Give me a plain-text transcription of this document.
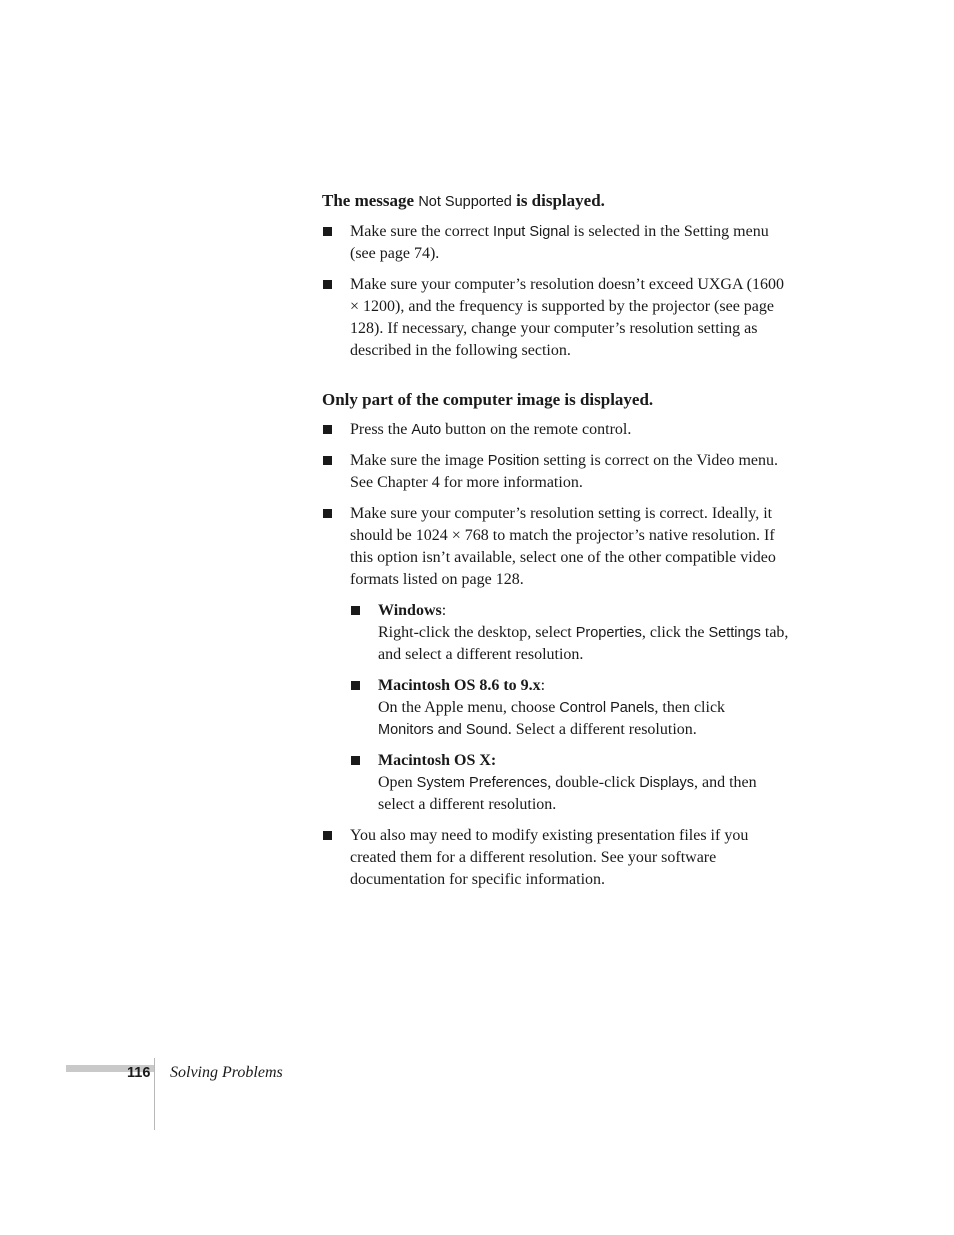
The message Not Supported is displayed.

Make sure the correct Input Signal is selected in the Setting menu (see page 74).
Make sure your computer’s resolution doesn’t exceed UXGA (1600 × 1200), and the frequency is supported by the projector (see page 128). If necessary, change your computer’s resolution setting as described in the following section.

Only part of the computer image is displayed.

Press the Auto button on the remote control.
Make sure the image Position setting is correct on the Video menu. See Chapter 4 for more information.
Make sure your computer’s resolution setting is correct. Ideally, it should be 1024 × 768 to match the projector’s native resolution. If this option isn’t available, select one of the other compatible video formats listed on page 128.
Windows:
Right-click the desktop, select Properties, click the Settings tab, and select a different resolution.
Macintosh OS 8.6 to 9.x:
On the Apple menu, choose Control Panels, then click
Monitors and Sound. Select a different resolution.
Macintosh OS X:
Open System Preferences, double-click Displays, and then select a different resolution.
You also may need to modify existing presentation files if you created them for a different resolution. See your software documentation for specific information.
116 Solving Problems
